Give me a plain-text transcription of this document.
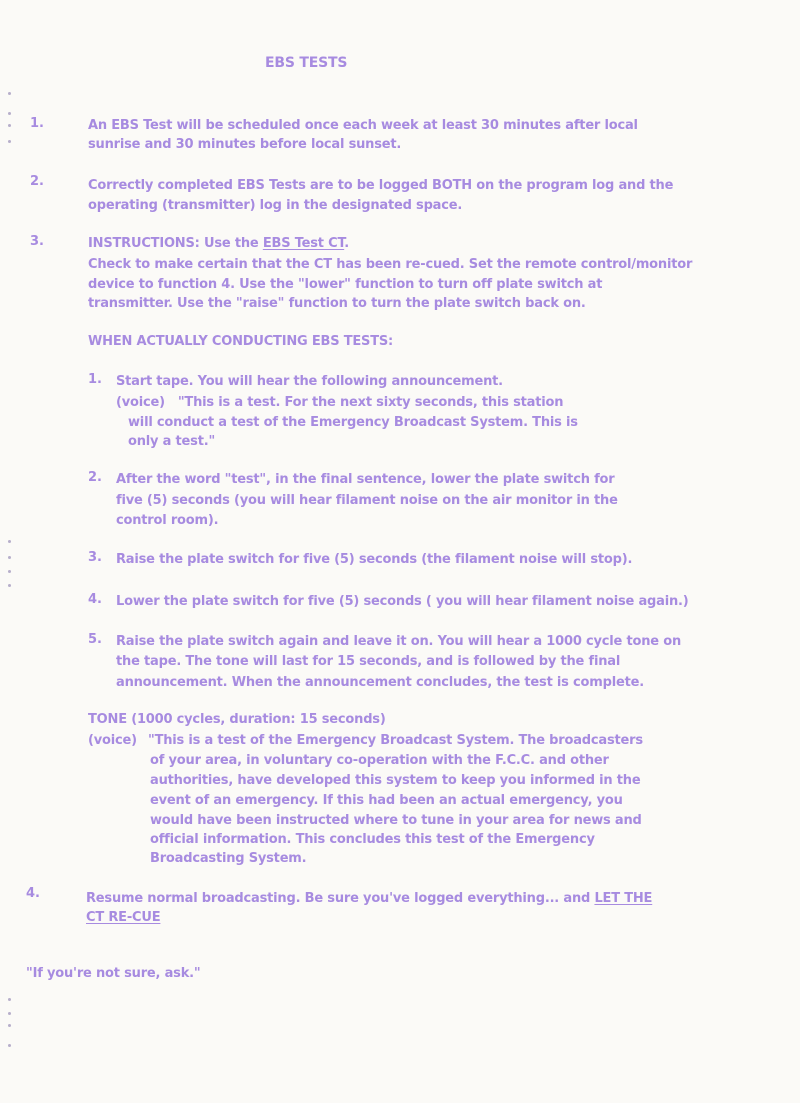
EBS TESTS
1.	An EBS Test will be scheduled once each week at least 30 minutes after local
sunrise and 30 minutes before local sunset.
2.	Correctly completed EBS Tests are to be logged BOTH on the program log and the
operating (transmitter) log in the designated space.
3.	INSTRUCTIONS: Use the EBS Test CT.
Check to make certain that the CT has been re-cued. Set the remote control/monitor
device to function 4. Use the "lower" function to turn off plate switch at
transmitter. Use the "raise" function to turn the plate switch back on.
WHEN ACTUALLY CONDUCTING EBS TESTS:
1. Start tape. You will hear the following announcement.
(voice)   "This is a test. For the next sixty seconds, this station
will conduct a test of the Emergency Broadcast System. This is
only a test."
2. After the word "test", in the final sentence, lower the plate switch for
five (5) seconds (you will hear filament noise on the air monitor in the
control room).
3. Raise the plate switch for five (5) seconds (the filament noise will stop).
4. Lower the plate switch for five (5) seconds ( you will hear filament noise again.)
5. Raise the plate switch again and leave it on. You will hear a 1000 cycle tone on
the tape. The tone will last for 15 seconds, and is followed by the final
announcement. When the announcement concludes, the test is complete.
TONE (1000 cycles, duration: 15 seconds)
(voice) "This is a test of the Emergency Broadcast System. The broadcasters
of your area, in voluntary co-operation with the F.C.C. and other
authorities, have developed this system to keep you informed in the
event of an emergency. If this had been an actual emergency, you
would have been instructed where to tune in your area for news and
official information. This concludes this test of the Emergency
Broadcasting System.
4.	Resume normal broadcasting. Be sure you've logged everything... and LET THE
CT RE-CUE
"If you're not sure, ask."
